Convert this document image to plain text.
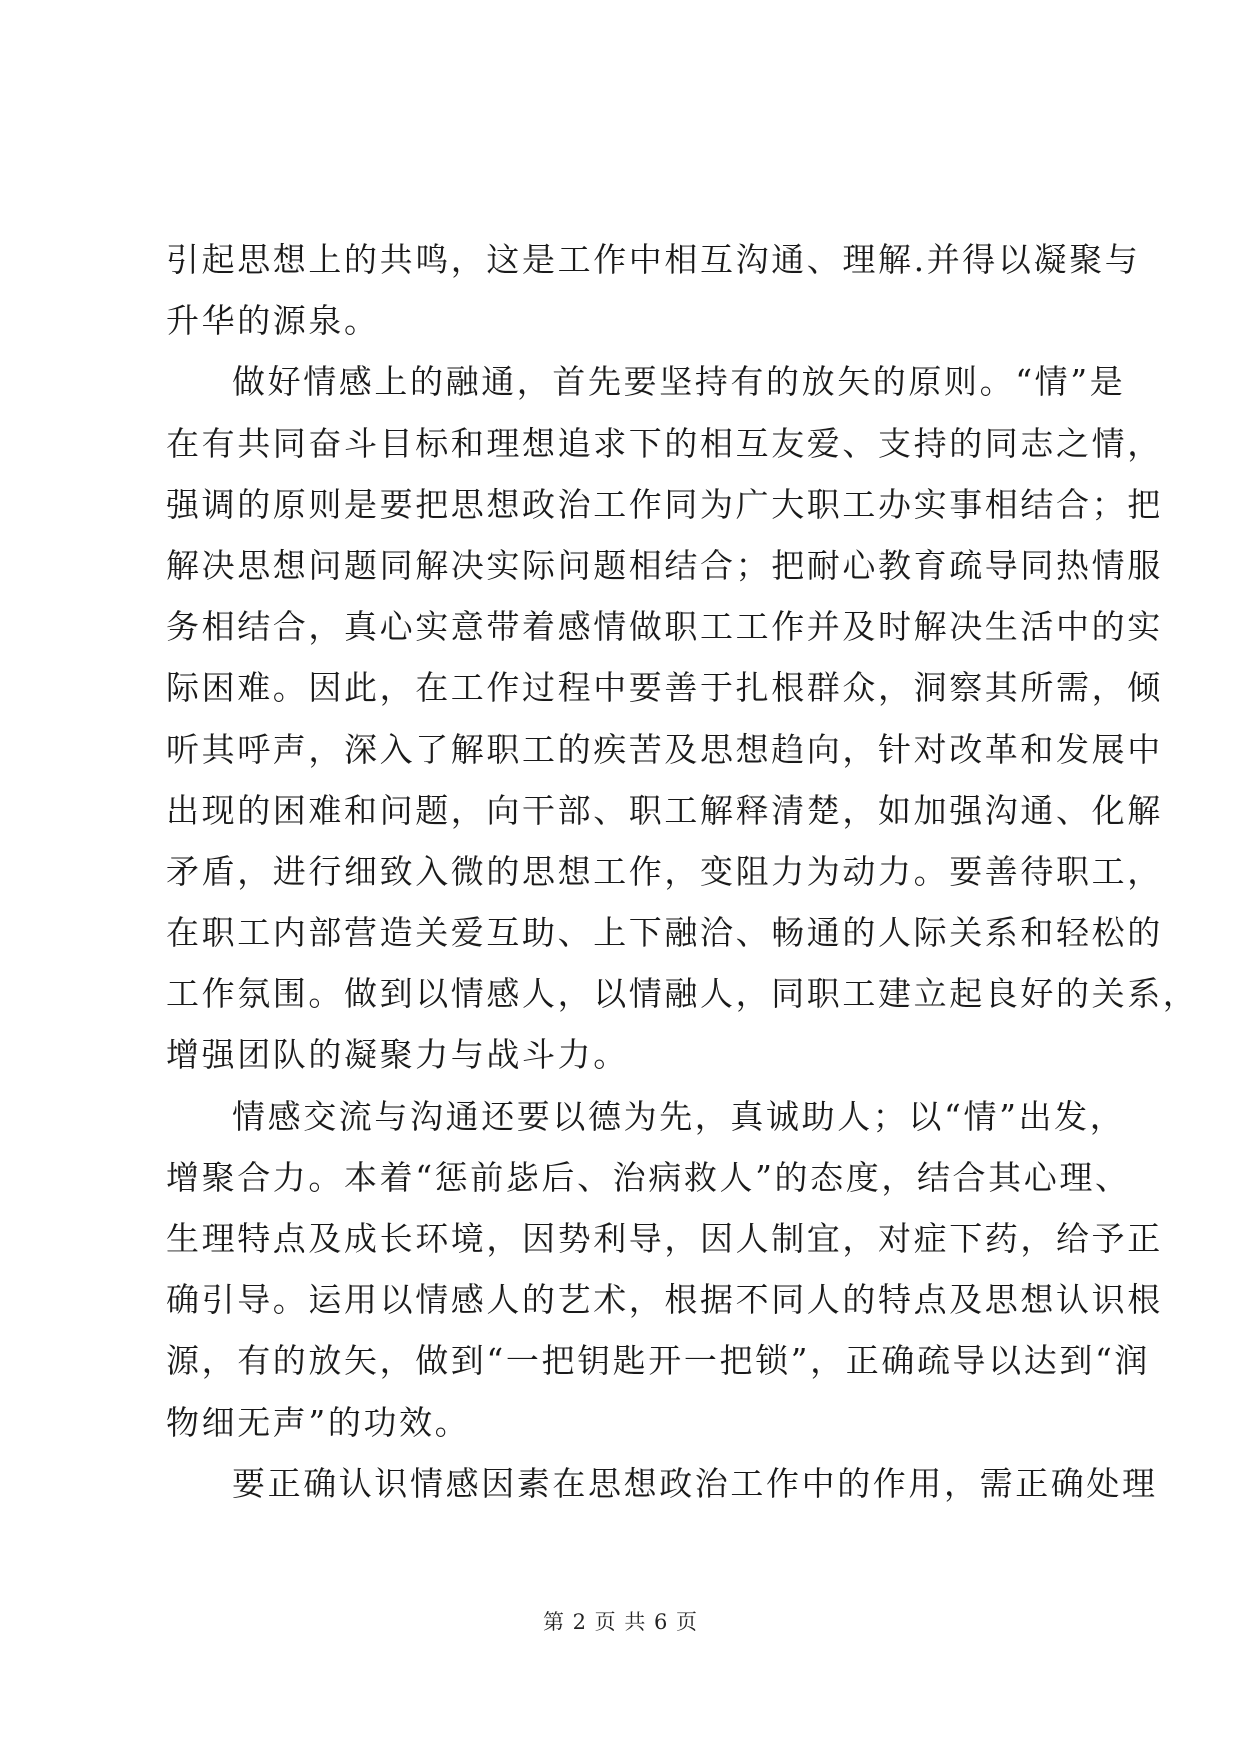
引起思想上的共鸣，这是工作中相互沟通、理解.并得以凝聚与
升华的源泉。
做好情感上的融通，首先要坚持有的放矢的原则。“情”是
在有共同奋斗目标和理想追求下的相互友爱、支持的同志之情，
强调的原则是要把思想政治工作同为广大职工办实事相结合；把
解决思想问题同解决实际问题相结合；把耐心教育疏导同热情服
务相结合，真心实意带着感情做职工工作并及时解决生活中的实
际困难。因此，在工作过程中要善于扎根群众，洞察其所需，倾
听其呼声，深入了解职工的疾苦及思想趋向，针对改革和发展中
出现的困难和问题，向干部、职工解释清楚，如加强沟通、化解
矛盾，进行细致入微的思想工作，变阻力为动力。要善待职工，
在职工内部营造关爱互助、上下融洽、畅通的人际关系和轻松的
工作氛围。做到以情感人，以情融人，同职工建立起良好的关系，
增强团队的凝聚力与战斗力。
情感交流与沟通还要以德为先，真诚助人；以“情”出发，
增聚合力。本着“惩前毖后、治病救人”的态度，结合其心理、
生理特点及成长环境，因势利导，因人制宜，对症下药，给予正
确引导。运用以情感人的艺术，根据不同人的特点及思想认识根
源，有的放矢，做到“一把钥匙开一把锁”，正确疏导以达到“润
物细无声”的功效。
要正确认识情感因素在思想政治工作中的作用，需正确处理
第 2 页 共 6 页
